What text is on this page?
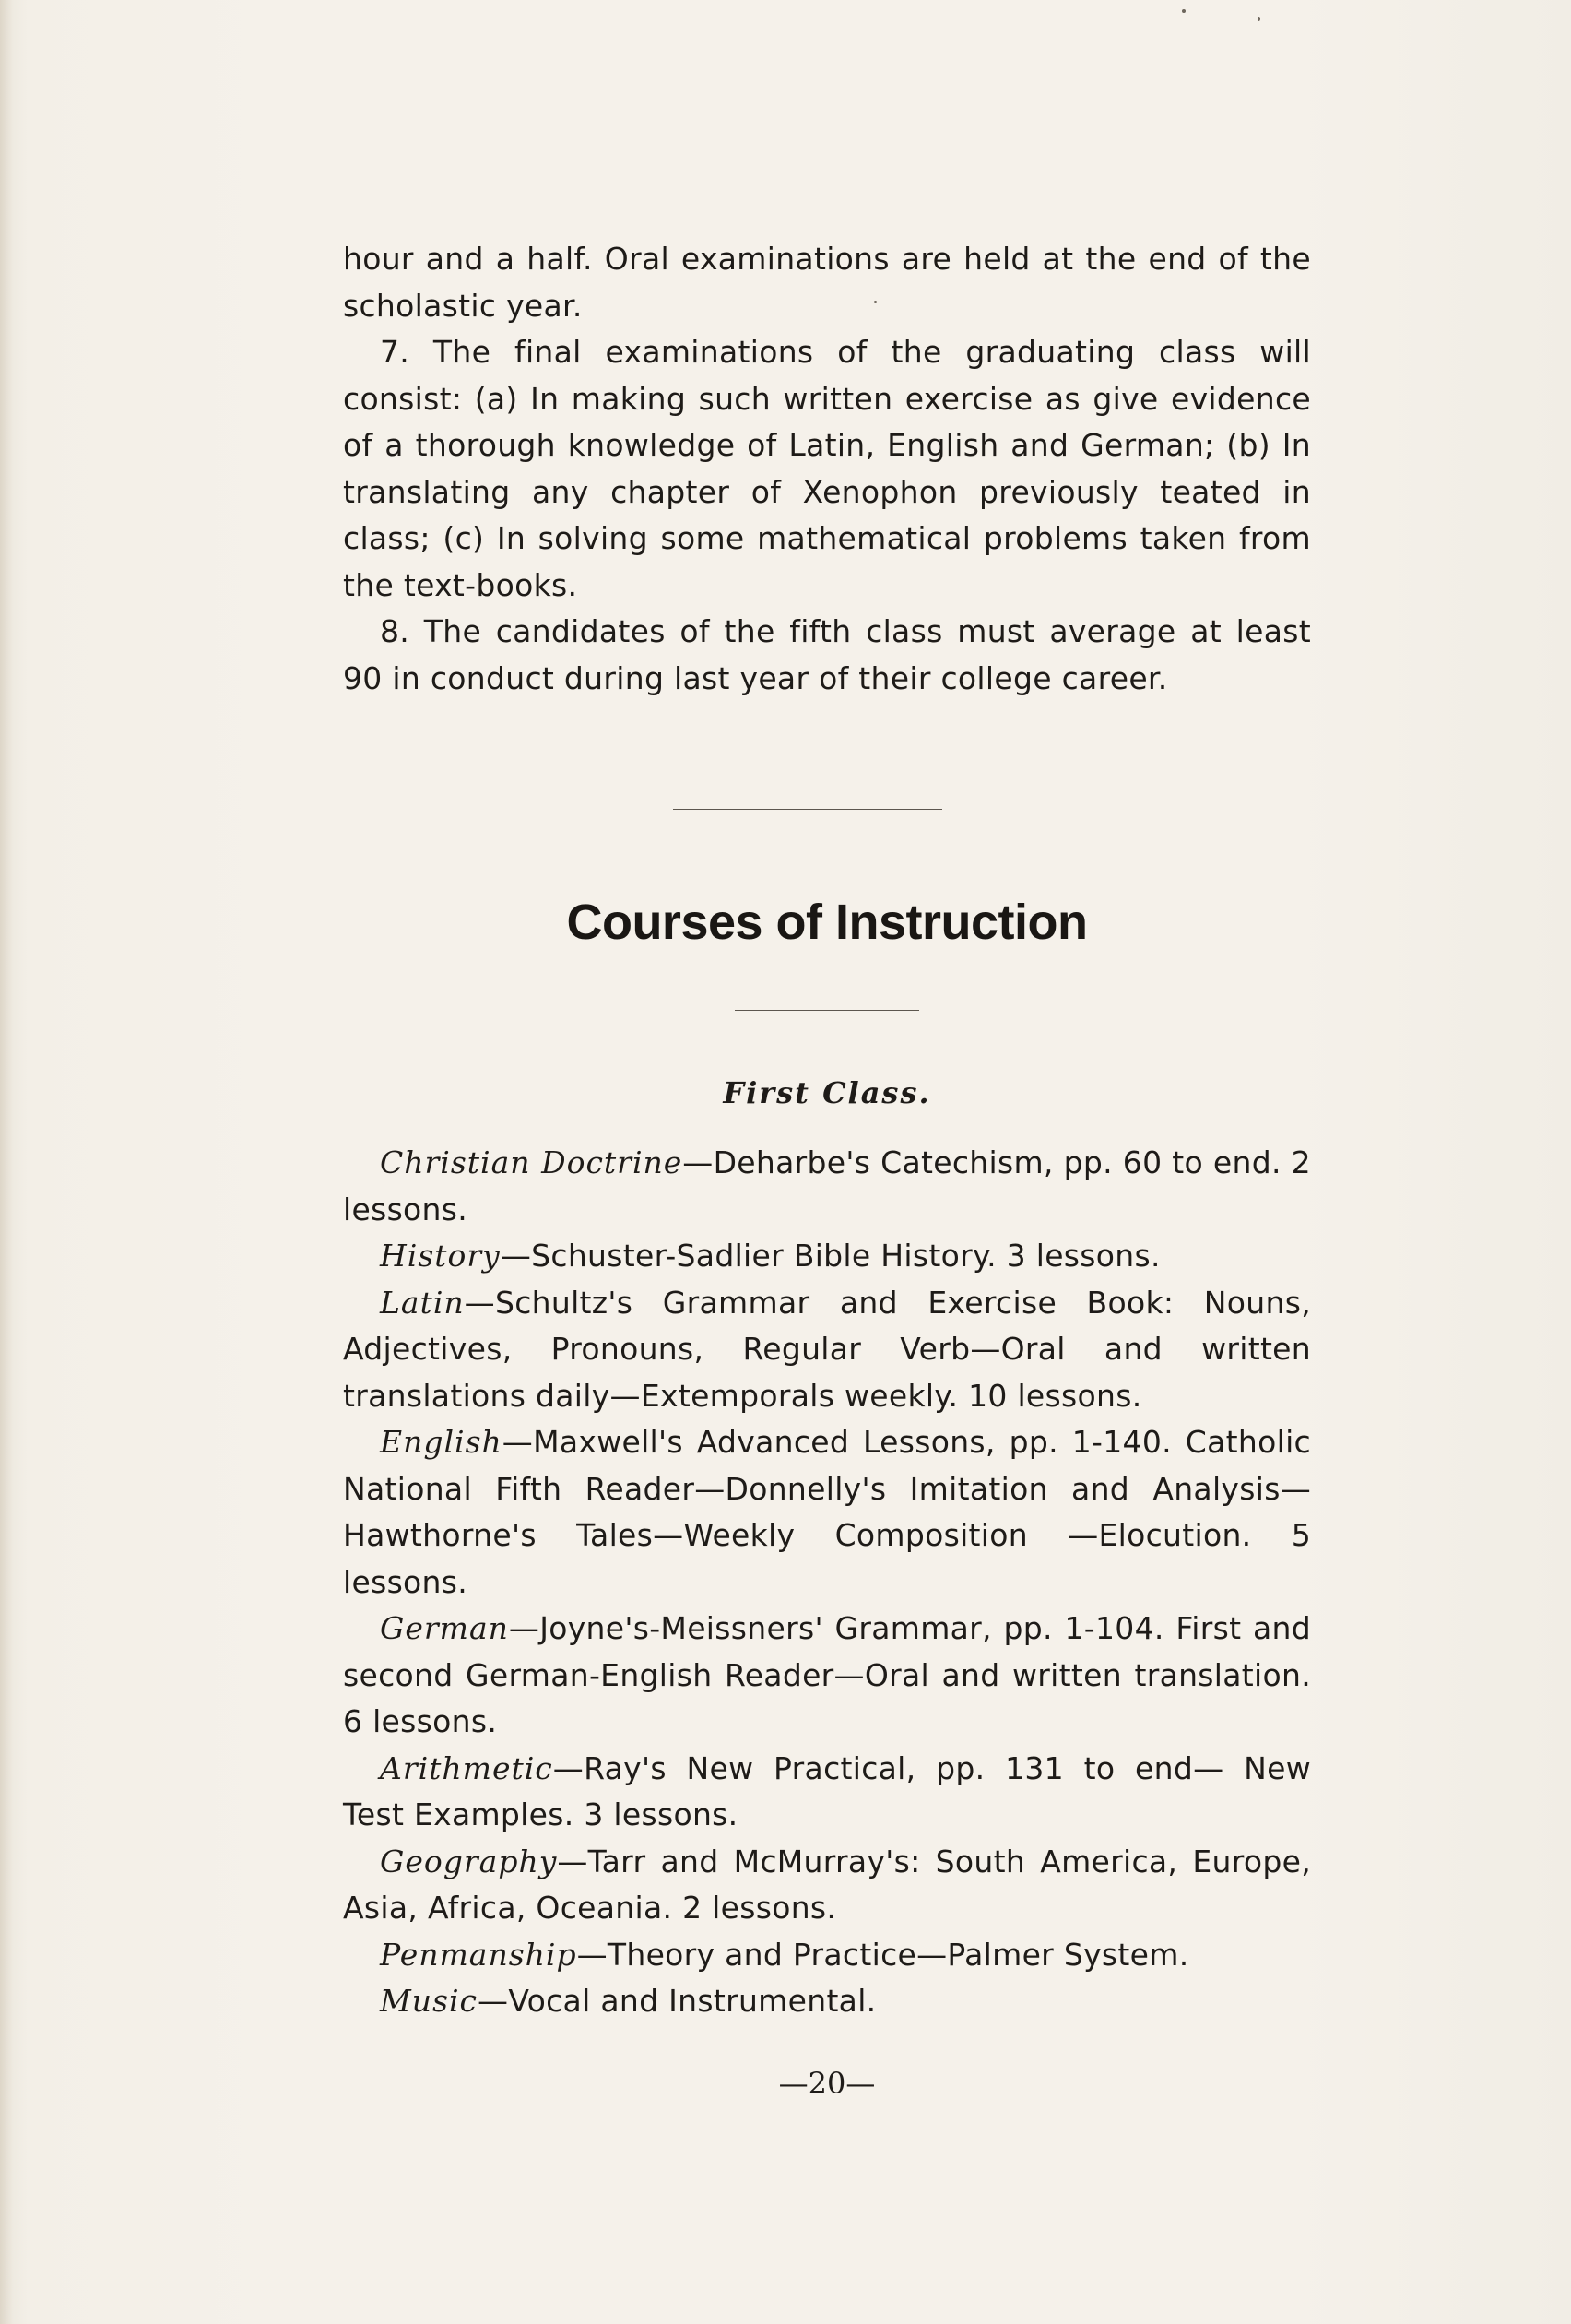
hour and a half. Oral examinations are held at the end of the scholastic year.

7. The final examinations of the graduating class will consist: (a) In making such written exercise as give evidence of a thorough knowledge of Latin, English and German; (b) In translating any chapter of Xenophon previously teated in class; (c) In solving some mathematical problems taken from the text-books.

8. The candidates of the fifth class must average at least 90 in conduct during last year of their college career.

Courses of Instruction
First Class.

Christian Doctrine—Deharbe's Catechism, pp. 60 to end. 2 lessons.

History—Schuster-Sadlier Bible History. 3 lessons.

Latin—Schultz's Grammar and Exercise Book: Nouns, Adjectives, Pronouns, Regular Verb—Oral and written translations daily—Extemporals weekly. 10 lessons.

English—Maxwell's Advanced Lessons, pp. 1-140. Catholic National Fifth Reader—Donnelly's Imitation and Analysis—Hawthorne's Tales—Weekly Composition —Elocution. 5 lessons.

German—Joyne's-Meissners' Grammar, pp. 1-104. First and second German-English Reader—Oral and written translation. 6 lessons.

Arithmetic—Ray's New Practical, pp. 131 to end— New Test Examples. 3 lessons.

Geography—Tarr and McMurray's: South America, Europe, Asia, Africa, Oceania. 2 lessons.

Penmanship—Theory and Practice—Palmer System.

Music—Vocal and Instrumental.

—20—
